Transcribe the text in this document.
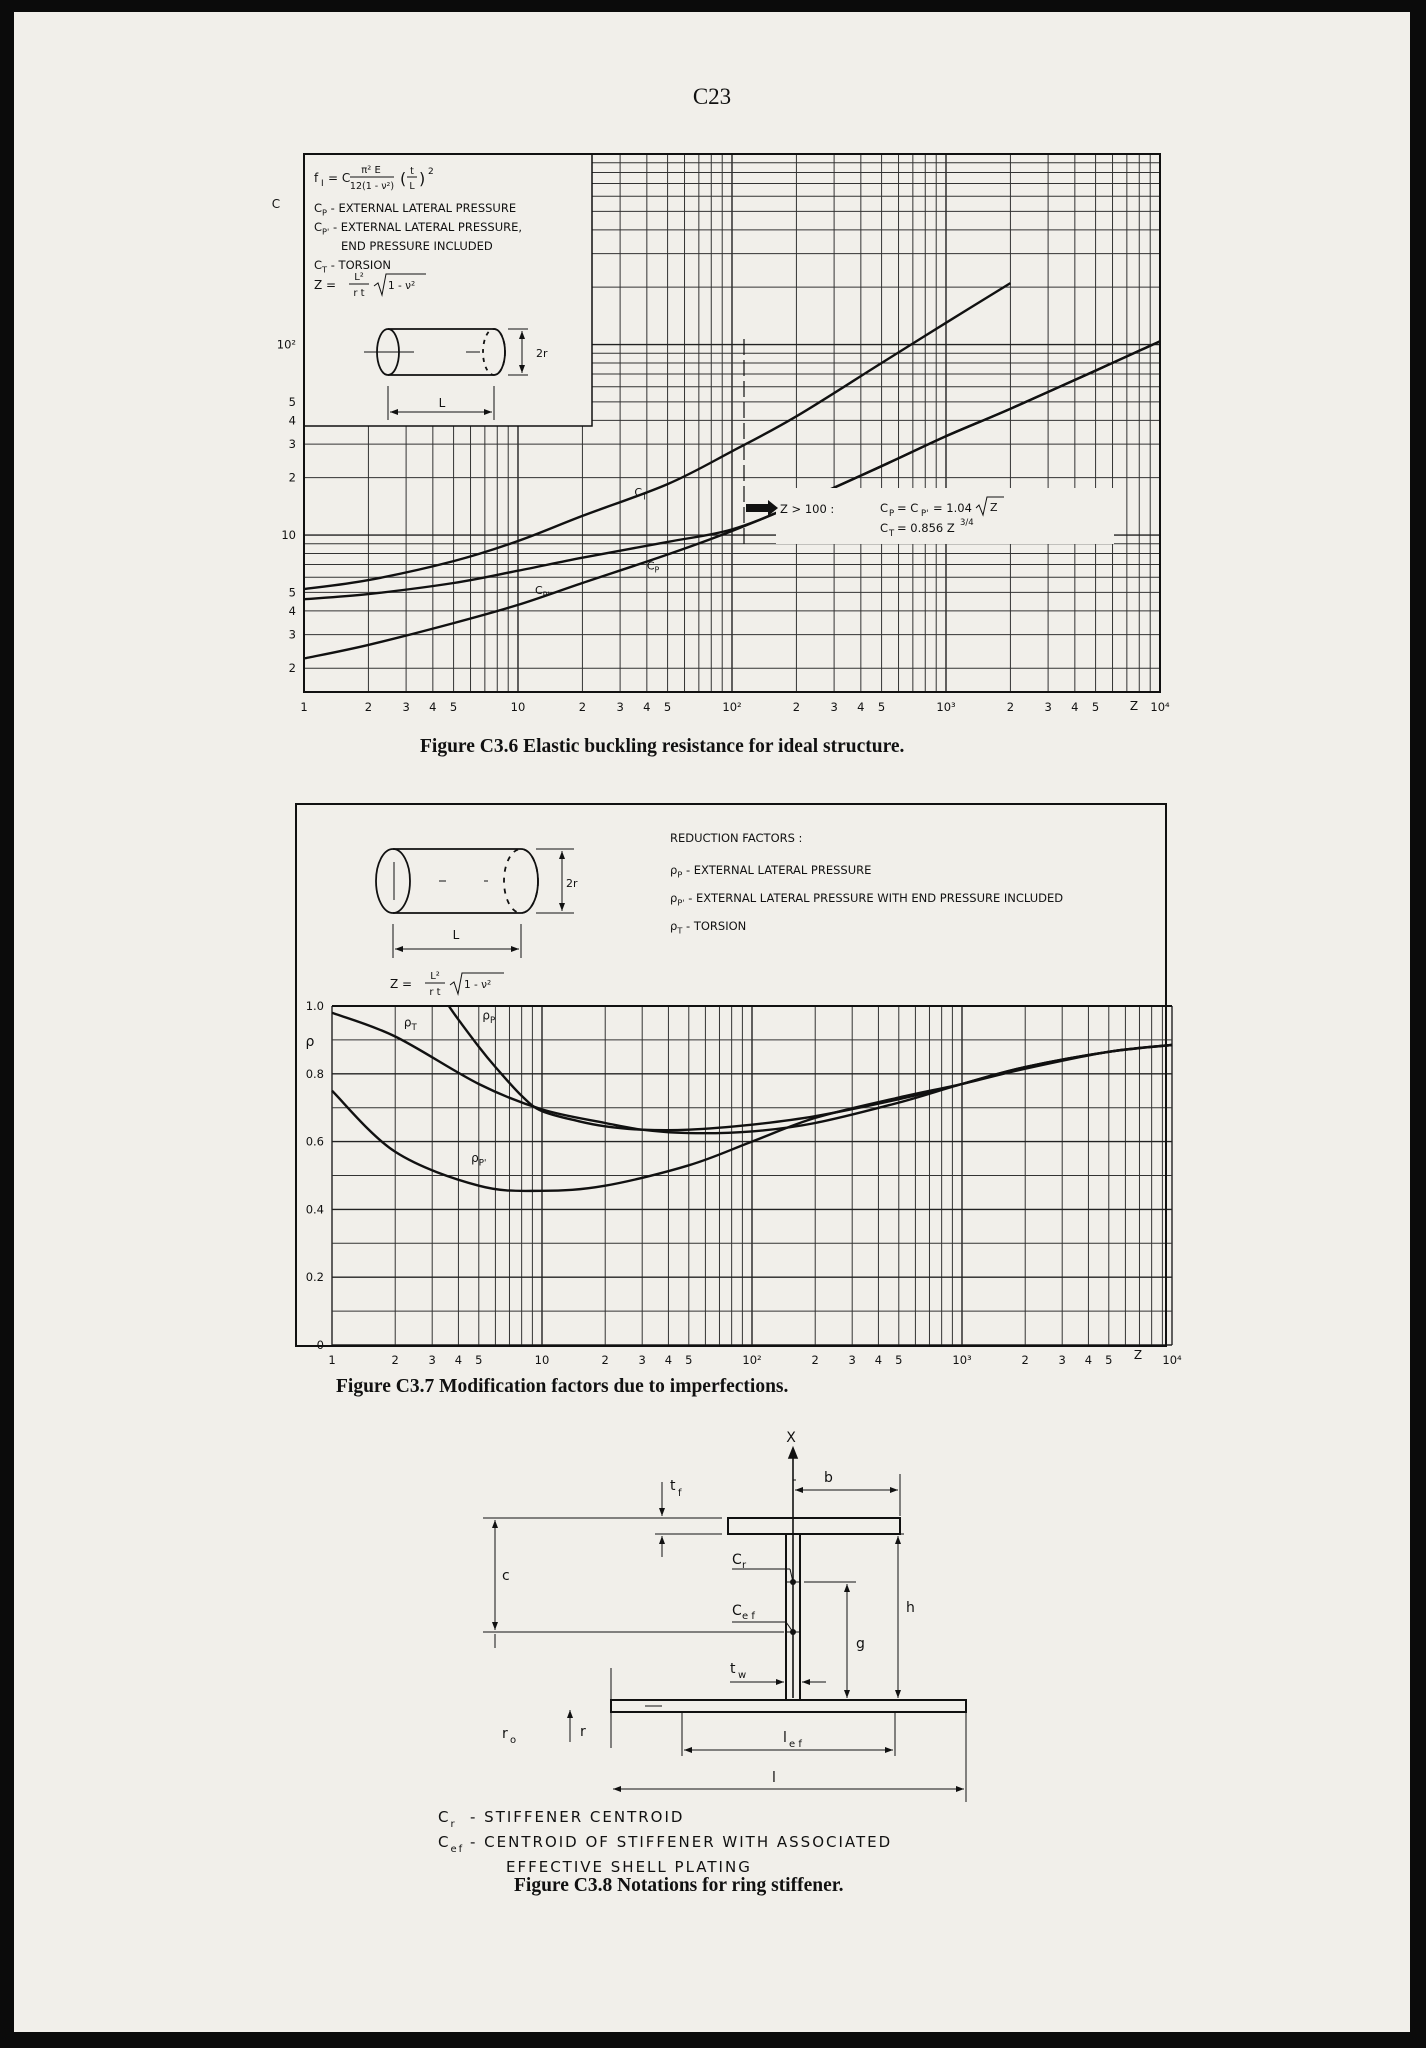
C23
1	2	3 4 5	10	2	3 4 5	10²	2	3 4 5	10³	2	3 4 5	10⁴
2
3
4
5
10
2
3
4
5
10²
C
Z
f I = C
π² E
12(1 - ν²) ( t
L ) 2
$C_P$ - EXTERNAL LATERAL PRESSURE
$C_{P'}$ - EXTERNAL LATERAL PRESSURE,
END PRESSURE INCLUDED
$C_T$ - TORSION
Z =
L²
r t
1 - ν²
L
2r
Z > 100 :	C P = C P' = 1.04 Z
C T = 0.856 Z 3/4
$C_T$
$C_P$
$C_{P'}$
1	2	3 4 5	10	2	3 4 5	10²	2	3 4 5	10³	2	3 4 5	10⁴
0
0.2
0.4
0.6
0.8
1.0
$\rho_T$
$\rho_P$
$\rho_{P'}$
ρ
Z
REDUCTION FACTORS :
$\rho_P$ - EXTERNAL LATERAL PRESSURE
$\rho_{P'}$ - EXTERNAL LATERAL PRESSURE WITH END PRESSURE INCLUDED
$\rho_T$ - TORSION
L
2r
Z =
L²
r t
1 - ν²
X
b
t f
c
C r
C e f
h
g
t w
r o
r	l e f
l
$C_r$ - STIFFENER CENTROID
$C_{ef}$ - CENTROID OF STIFFENER WITH ASSOCIATED
EFFECTIVE SHELL PLATING
Figure C3.6 Elastic buckling resistance for ideal structure.
Figure C3.7 Modification factors due to imperfections.
Figure C3.8 Notations for ring stiffener.
